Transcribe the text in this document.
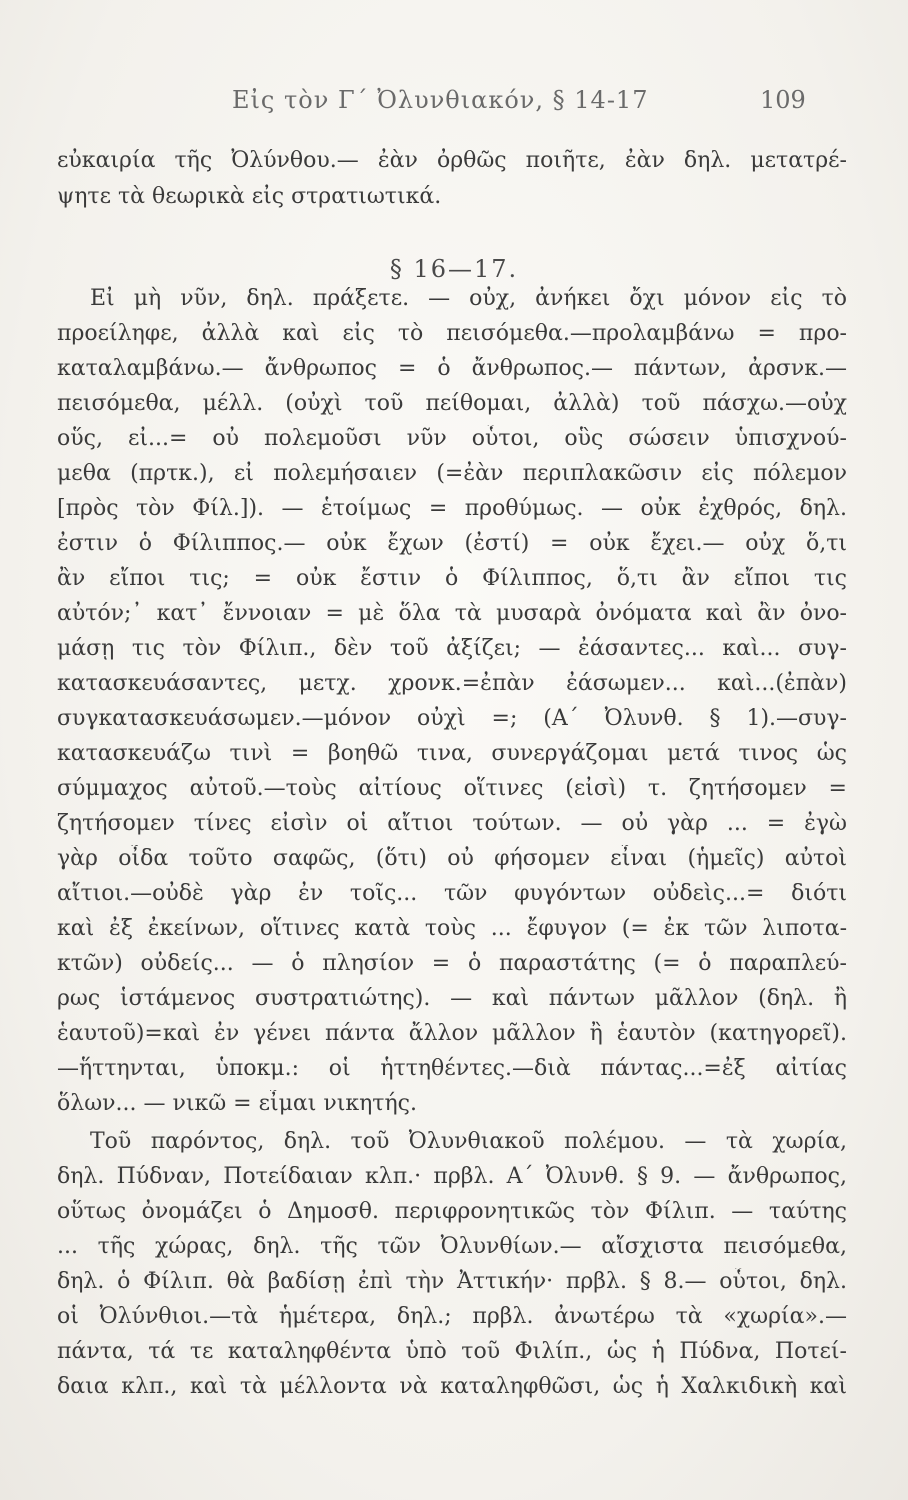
Εἰς τὸν Γ΄ Ὀλυνθιακόν, § 14-17	109
§ 16—17.
εὐκαιρία τῆς Ὀλύνθου.— ἐὰν ὀρθῶς ποιῆτε, ἐὰν δηλ. μετατρέ-
ψητε τὰ θεωρικὰ εἰς στρατιωτικά.
Εἰ μὴ νῦν, δηλ. πράξετε. — οὐχ, ἀνήκει ὄχι μόνον εἰς τὸ
προείληφε, ἀλλὰ καὶ εἰς τὸ πεισόμεθα.—προλαμβάνω = προ-
καταλαμβάνω.— ἄνθρωπος = ὁ ἄνθρωπος.— πάντων, ἀρσνκ.—
πεισόμεθα, μέλλ. (οὐχὶ τοῦ πείθομαι, ἀλλὰ) τοῦ πάσχω.—οὐχ
οὕς, εἰ...= οὐ πολεμοῦσι νῦν οὗτοι, οὓς σώσειν ὑπισχνού-
μεθα (πρτκ.), εἰ πολεμήσαιεν (=ἐὰν περιπλακῶσιν εἰς πόλεμον
[πρὸς τὸν Φίλ.]). — ἑτοίμως = προθύμως. — οὐκ ἐχθρός, δηλ.
ἐστιν ὁ Φίλιππος.— οὐκ ἔχων (ἐστί) = οὐκ ἔχει.— οὐχ ὅ,τι
ἂν εἴποι τις; = οὐκ ἔστιν ὁ Φίλιππος, ὅ,τι ἂν εἴποι τις
αὐτόν;᾿ κατ᾿ ἔννοιαν = μὲ ὅλα τὰ μυσαρὰ ὀνόματα καὶ ἂν ὀνο-
μάσῃ τις τὸν Φίλιπ., δὲν τοῦ ἀξίζει; — ἐάσαντες... καὶ... συγ-
κατασκευάσαντες, μετχ. χρονκ.=ἐπὰν ἐάσωμεν... καὶ...(ἐπὰν)
συγκατασκευάσωμεν.—μόνον οὐχὶ =; (Α΄ Ὀλυνθ. § 1).—συγ-
κατασκευάζω τινὶ = βοηθῶ τινα, συνεργάζομαι μετά τινος ὡς
σύμμαχος αὐτοῦ.—τοὺς αἰτίους οἵτινες (εἰσὶ) τ. ζητήσομεν =
ζητήσομεν τίνες εἰσὶν οἱ αἴτιοι τούτων. — οὐ γὰρ ... = ἐγὼ
γὰρ οἶδα τοῦτο σαφῶς, (ὅτι) οὐ φήσομεν εἶναι (ἡμεῖς) αὐτοὶ
αἴτιοι.—οὐδὲ γὰρ ἐν τοῖς... τῶν φυγόντων οὐδεὶς...= διότι
καὶ ἐξ ἐκείνων, οἵτινες κατὰ τοὺς ... ἔφυγον (= ἐκ τῶν λιποτα-
κτῶν) οὐδείς... — ὁ πλησίον = ὁ παραστάτης (= ὁ παραπλεύ-
ρως ἱστάμενος συστρατιώτης). — καὶ πάντων μᾶλλον (δηλ. ἢ
ἑαυτοῦ)=καὶ ἐν γένει πάντα ἄλλον μᾶλλον ἢ ἑαυτὸν (κατηγορεῖ).
—ἥττηνται, ὑποκμ.: οἱ ἡττηθέντες.—διὰ πάντας...=ἐξ αἰτίας
ὅλων... — νικῶ = εἶμαι νικητής.
Τοῦ παρόντος, δηλ. τοῦ Ὀλυνθιακοῦ πολέμου. — τὰ χωρία,
δηλ. Πύδναν, Ποτείδαιαν κλπ.· πρβλ. Α΄ Ὀλυνθ. § 9. — ἄνθρωπος,
οὕτως ὀνομάζει ὁ Δημοσθ. περιφρονητικῶς τὸν Φίλιπ. — ταύτης
... τῆς χώρας, δηλ. τῆς τῶν Ὀλυνθίων.— αἴσχιστα πεισόμεθα,
δηλ. ὁ Φίλιπ. θὰ βαδίσῃ ἐπὶ τὴν Ἀττικήν· πρβλ. § 8.— οὗτοι, δηλ.
οἱ Ὀλύνθιοι.—τὰ ἡμέτερα, δηλ.; πρβλ. ἀνωτέρω τὰ «χωρία».—
πάντα, τά τε καταληφθέντα ὑπὸ τοῦ Φιλίπ., ὡς ἡ Πύδνα, Ποτεί-
δαια κλπ., καὶ τὰ μέλλοντα νὰ καταληφθῶσι, ὡς ἡ Χαλκιδικὴ καὶ
